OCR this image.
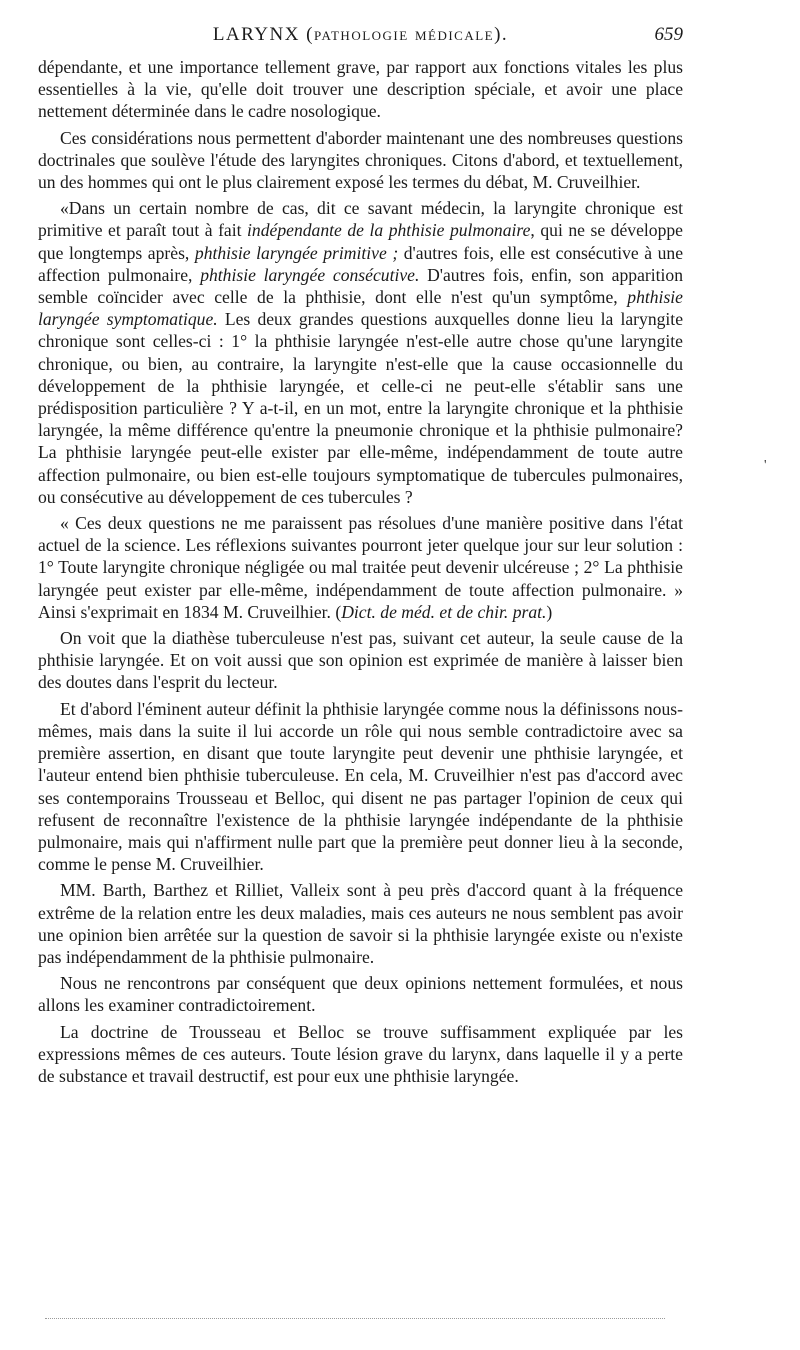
LARYNX (pathologie médicale).	659

dépendante, et une importance tellement grave, par rapport aux fonctions vitales les plus essentielles à la vie, qu'elle doit trouver une description spéciale, et avoir une place nettement déterminée dans le cadre nosologique.

Ces considérations nous permettent d'aborder maintenant une des nombreuses questions doctrinales que soulève l'étude des laryngites chroniques. Citons d'abord, et textuellement, un des hommes qui ont le plus clairement exposé les termes du débat, M. Cruveilhier.

«Dans un certain nombre de cas, dit ce savant médecin, la laryngite chronique est primitive et paraît tout à fait indépendante de la phthisie pulmonaire, qui ne se développe que longtemps après, phthisie laryngée primitive ; d'autres fois, elle est consécutive à une affection pulmonaire, phthisie laryngée consécutive. D'autres fois, enfin, son apparition semble coïncider avec celle de la phthisie, dont elle n'est qu'un symptôme, phthisie laryngée symptomatique. Les deux grandes questions auxquelles donne lieu la laryngite chronique sont celles-ci : 1° la phthisie laryngée n'est-elle autre chose qu'une laryngite chronique, ou bien, au contraire, la laryngite n'est-elle que la cause occasionnelle du développement de la phthisie laryngée, et celle-ci ne peut-elle s'établir sans une prédisposition particulière ? Y a-t-il, en un mot, entre la laryngite chronique et la phthisie laryngée, la même différence qu'entre la pneumonie chronique et la phthisie pulmonaire? La phthisie laryngée peut-elle exister par elle-même, indépendamment de toute autre affection pulmonaire, ou bien est-elle toujours symptomatique de tubercules pulmonaires, ou consécutive au développement de ces tubercules ?

« Ces deux questions ne me paraissent pas résolues d'une manière positive dans l'état actuel de la science. Les réflexions suivantes pourront jeter quelque jour sur leur solution : 1° Toute laryngite chronique négligée ou mal traitée peut devenir ulcéreuse ; 2° La phthisie laryngée peut exister par elle-même, indépendamment de toute affection pulmonaire. » Ainsi s'exprimait en 1834 M. Cruveilhier. (Dict. de méd. et de chir. prat.)

On voit que la diathèse tuberculeuse n'est pas, suivant cet auteur, la seule cause de la phthisie laryngée. Et on voit aussi que son opinion est exprimée de manière à laisser bien des doutes dans l'esprit du lecteur.

Et d'abord l'éminent auteur définit la phthisie laryngée comme nous la définissons nous-mêmes, mais dans la suite il lui accorde un rôle qui nous semble contradictoire avec sa première assertion, en disant que toute laryngite peut devenir une phthisie laryngée, et l'auteur entend bien phthisie tuberculeuse. En cela, M. Cruveilhier n'est pas d'accord avec ses contemporains Trousseau et Belloc, qui disent ne pas partager l'opinion de ceux qui refusent de reconnaître l'existence de la phthisie laryngée indépendante de la phthisie pulmonaire, mais qui n'affirment nulle part que la première peut donner lieu à la seconde, comme le pense M. Cruveilhier.

MM. Barth, Barthez et Rilliet, Valleix sont à peu près d'accord quant à la fréquence extrême de la relation entre les deux maladies, mais ces auteurs ne nous semblent pas avoir une opinion bien arrêtée sur la question de savoir si la phthisie laryngée existe ou n'existe pas indépendamment de la phthisie pulmonaire.

Nous ne rencontrons par conséquent que deux opinions nettement formulées, et nous allons les examiner contradictoirement.

La doctrine de Trousseau et Belloc se trouve suffisamment expliquée par les expressions mêmes de ces auteurs. Toute lésion grave du larynx, dans laquelle il y a perte de substance et travail destructif, est pour eux une phthisie laryngée.

'
